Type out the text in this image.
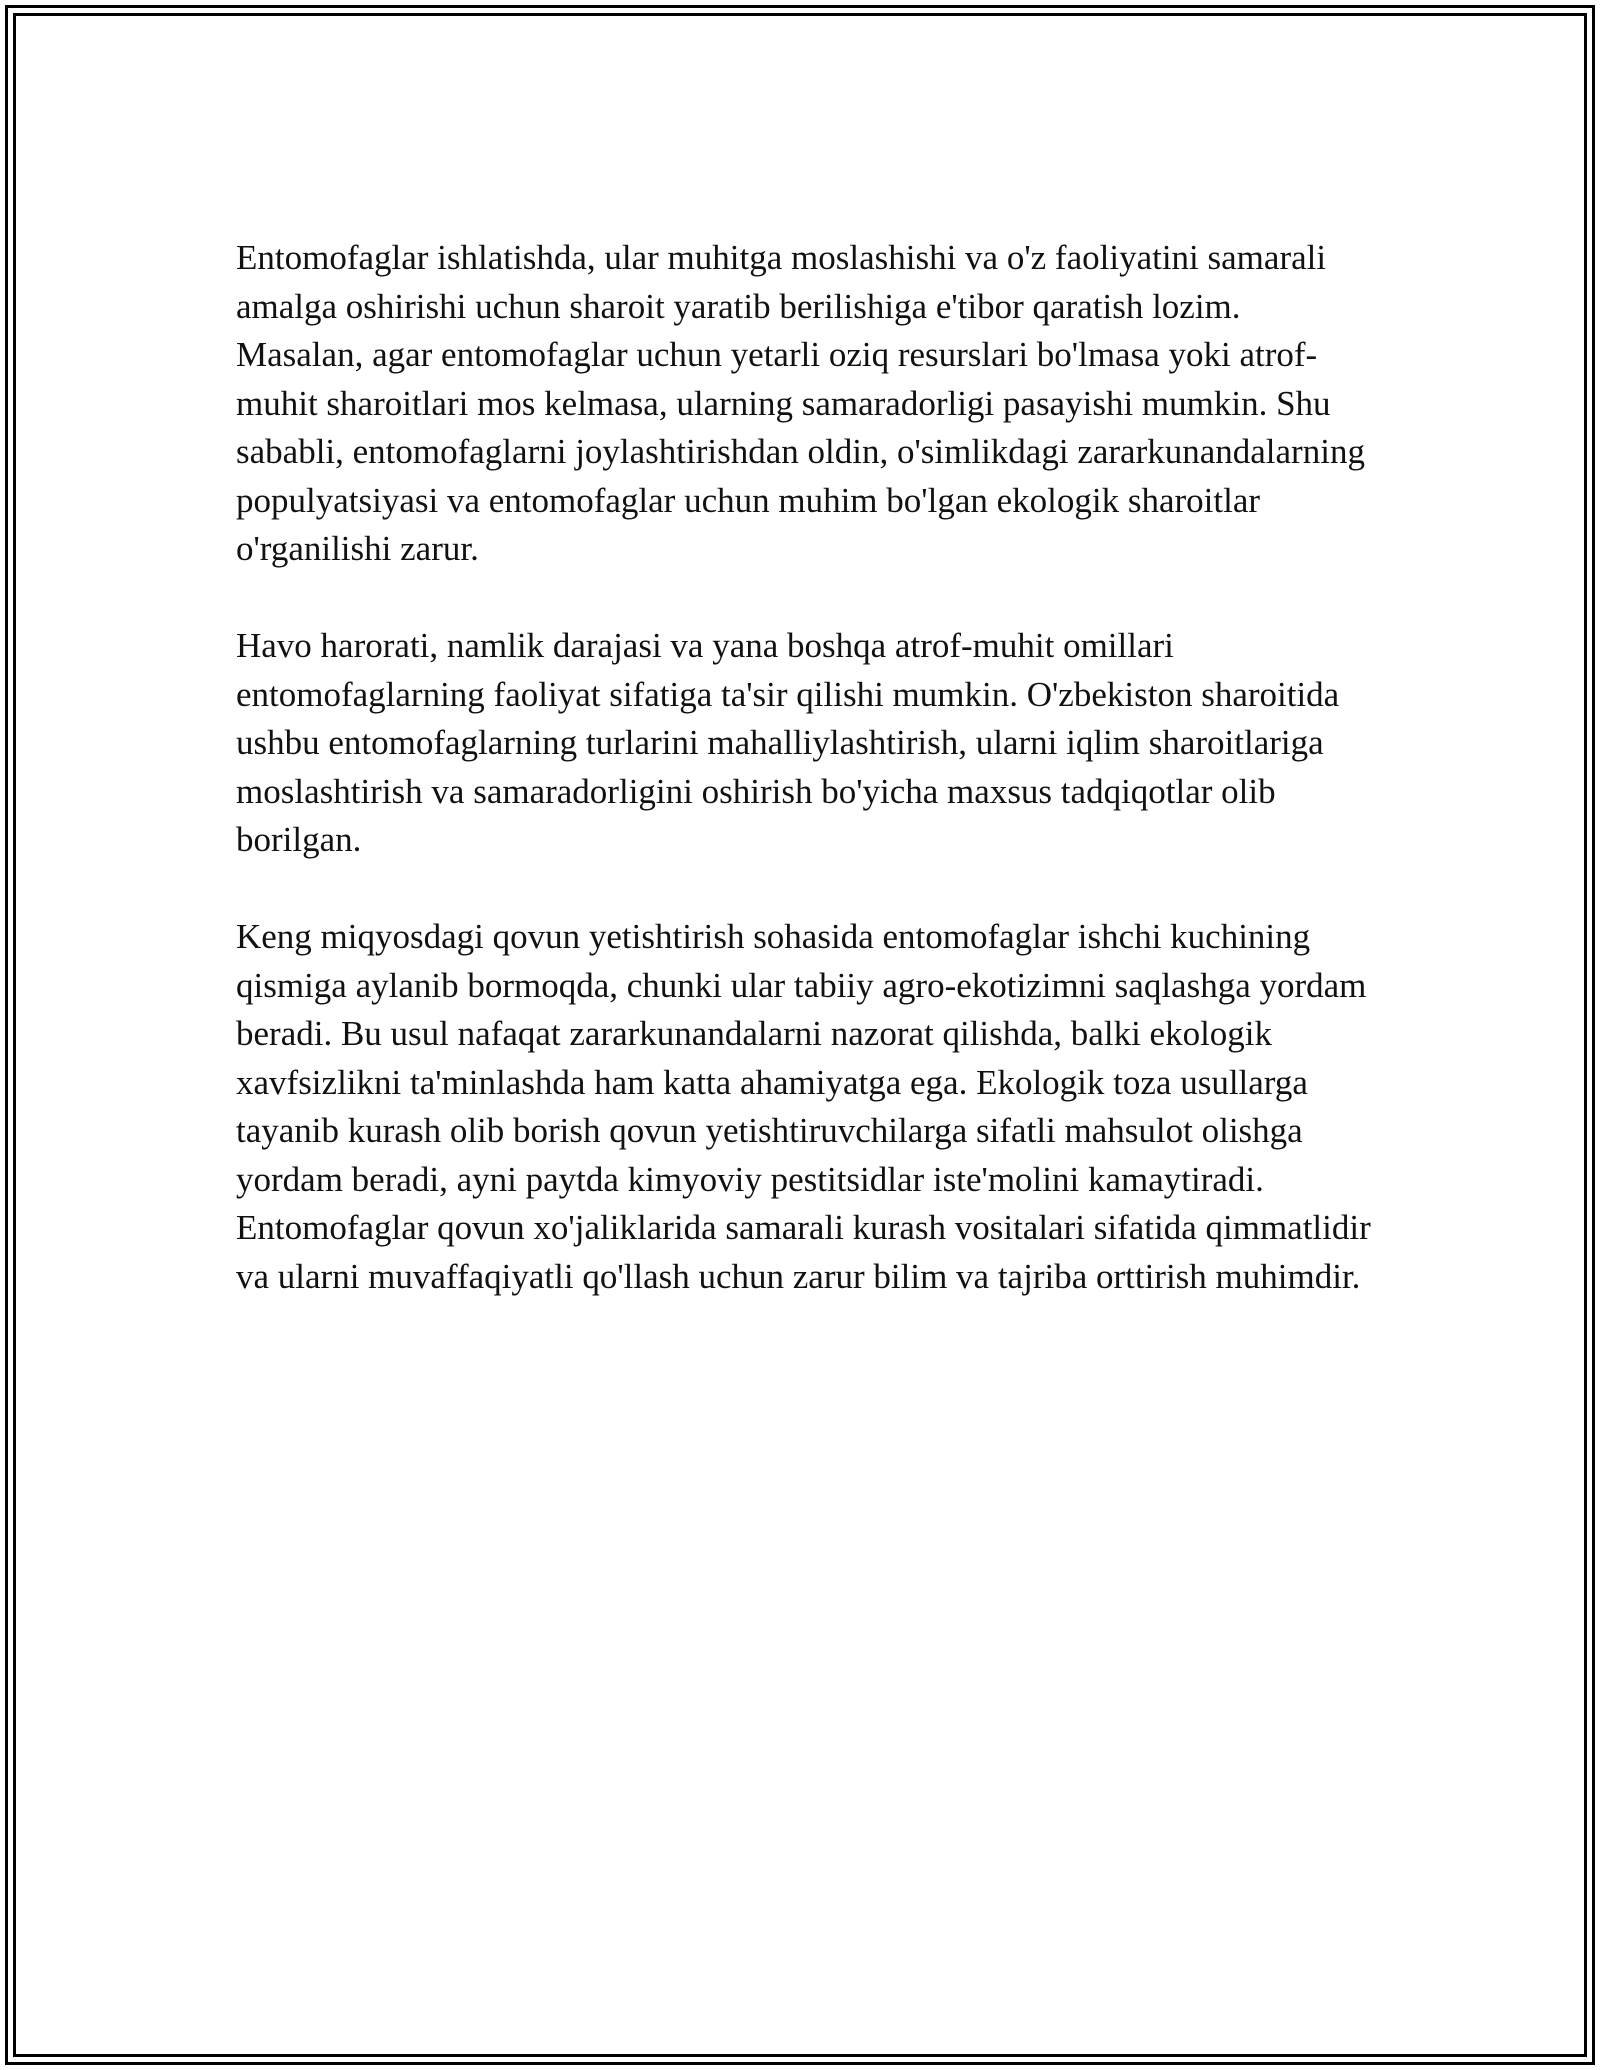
Entomofaglar ishlatishda, ular muhitga moslashishi va o'z faoliyatini samarali amalga oshirishi uchun sharoit yaratib berilishiga e'tibor qaratish lozim. Masalan, agar entomofaglar uchun yetarli oziq resurslari bo'lmasa yoki atrof-muhit sharoitlari mos kelmasa, ularning samaradorligi pasayishi mumkin. Shu sababli, entomofaglarni joylashtirishdan oldin, o'simlikdagi zararkunandalarning populyatsiyasi va entomofaglar uchun muhim bo'lgan ekologik sharoitlar o'rganilishi zarur.

Havo harorati, namlik darajasi va yana boshqa atrof-muhit omillari entomofaglarning faoliyat sifatiga ta'sir qilishi mumkin. O'zbekiston sharoitida ushbu entomofaglarning turlarini mahalliylashtirish, ularni iqlim sharoitlariga moslashtirish va samaradorligini oshirish bo'yicha maxsus tadqiqotlar olib borilgan.

Keng miqyosdagi qovun yetishtirish sohasida entomofaglar ishchi kuchining qismiga aylanib bormoqda, chunki ular tabiiy agro-ekotizimni saqlashga yordam beradi. Bu usul nafaqat zararkunandalarni nazorat qilishda, balki ekologik xavfsizlikni ta'minlashda ham katta ahamiyatga ega. Ekologik toza usullarga tayanib kurash olib borish qovun yetishtiruvchilarga sifatli mahsulot olishga yordam beradi, ayni paytda kimyoviy pestitsidlar iste'molini kamaytiradi. Entomofaglar qovun xo'jaliklarida samarali kurash vositalari sifatida qimmatlidir va ularni muvaffaqiyatli qo'llash uchun zarur bilim va tajriba orttirish muhimdir.
